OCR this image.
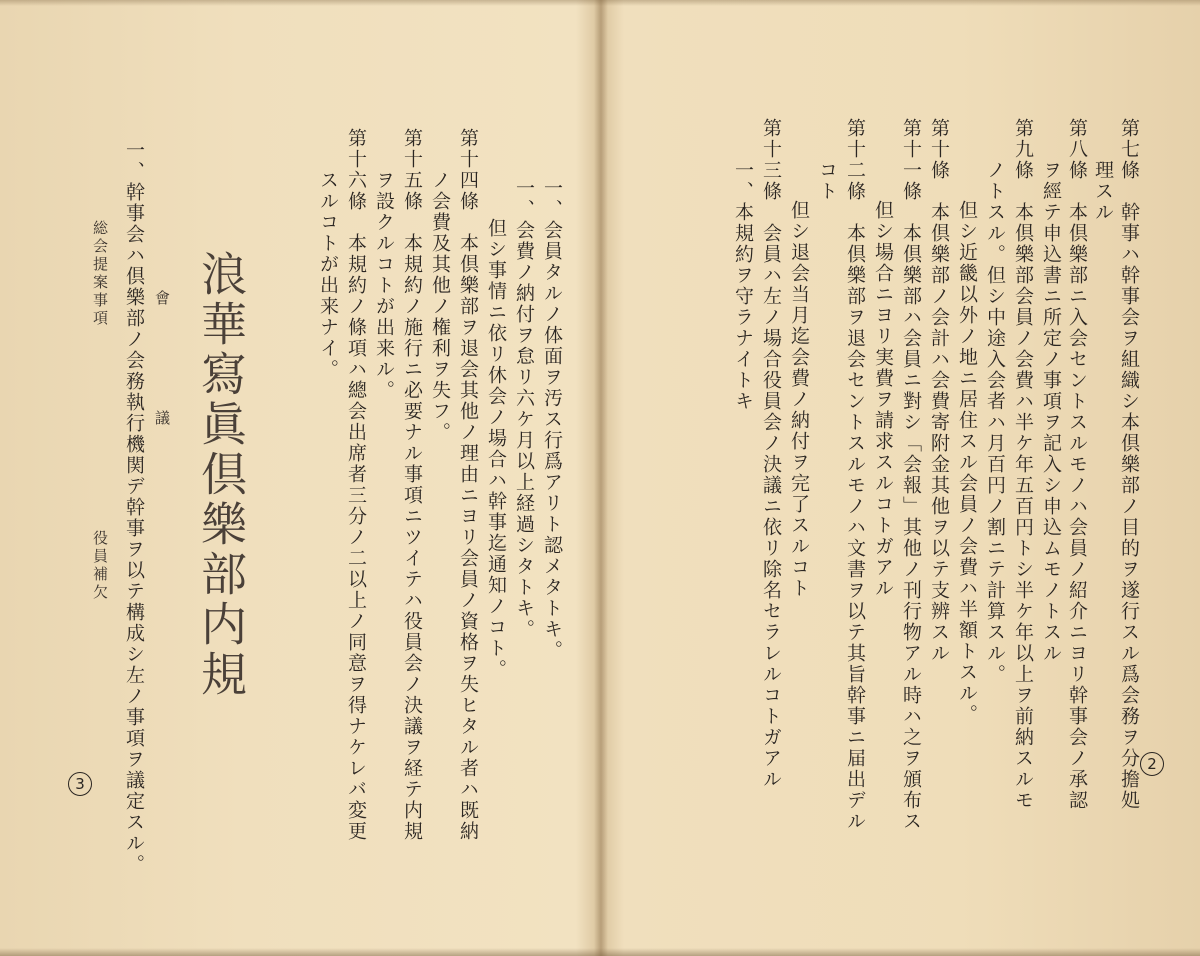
第七條　幹事ハ幹事会ヲ組織シ本倶樂部ノ目的ヲ遂行スル爲会務ヲ分擔処
理スル
第八條　本倶樂部ニ入会セントスルモノハ会員ノ紹介ニヨリ幹事会ノ承認
ヲ經テ申込書ニ所定ノ事項ヲ記入シ申込ムモノトスル
第九條　本倶樂部会員ノ会費ハ半ケ年五百円トシ半ケ年以上ヲ前納スルモ
ノトスル。但シ中途入会者ハ月百円ノ割ニテ計算スル。
但シ近畿以外ノ地ニ居住スル会員ノ会費ハ半額トスル。
第十條　本倶樂部ノ会計ハ会費寄附金其他ヲ以テ支辨スル
第十一條　本倶樂部ハ会員ニ對シ「会報」其他ノ刊行物アル時ハ之ヲ頒布ス
但シ場合ニヨリ実費ヲ請求スルコトガアル
第十二條　本倶樂部ヲ退会セントスルモノハ文書ヲ以テ其旨幹事ニ届出デル
コト
但シ退会当月迄会費ノ納付ヲ完了スルコト
第十三條　会員ハ左ノ場合役員会ノ決議ニ依リ除名セラレルコトガアル
一、本規約ヲ守ラナイトキ
2
一、会員タルノ体面ヲ汚ス行爲アリト認メタトキ。
一、会費ノ納付ヲ怠リ六ケ月以上経過シタトキ。
但シ事情ニ依リ休会ノ場合ハ幹事迄通知ノコト。
第十四條　本倶樂部ヲ退会其他ノ理由ニヨリ会員ノ資格ヲ失ヒタル者ハ既納
ノ会費及其他ノ権利ヲ失フ。
第十五條　本規約ノ施行ニ必要ナル事項ニツイテハ役員会ノ決議ヲ経テ内規
ヲ設クルコトが出来ル。
第十六條　本規約ノ條項ハ總会出席者三分ノ二以上ノ同意ヲ得ナケレバ変更
スルコトが出来ナイ。
浪華寫眞倶樂部内規
會
議
一、幹事会ハ倶樂部ノ会務執行機関デ幹事ヲ以テ構成シ左ノ事項ヲ議定スル。
総会提案事項
役員補欠
3
